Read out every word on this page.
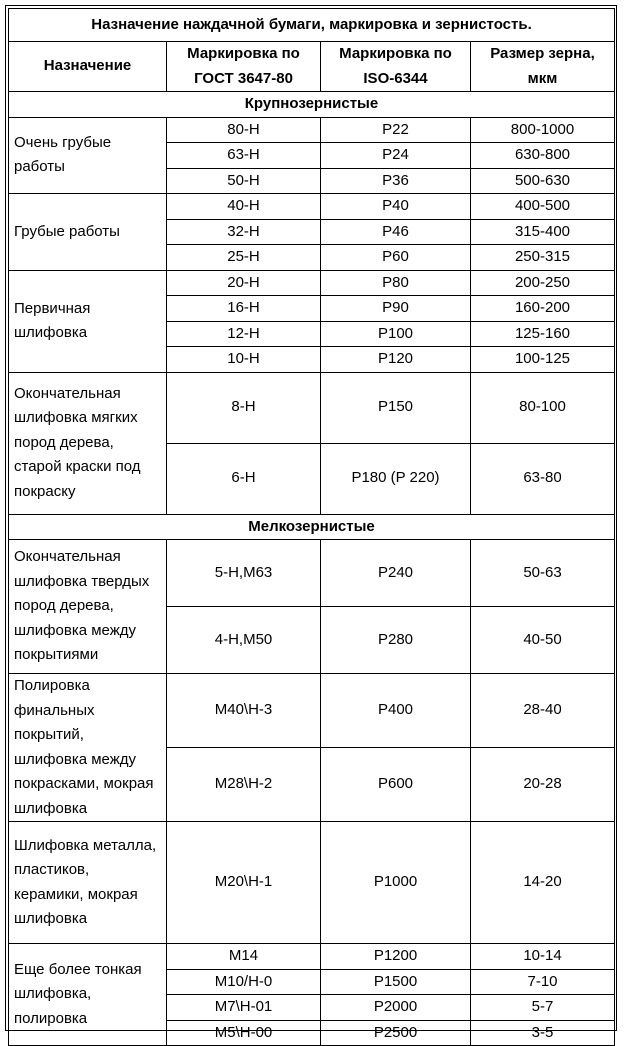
Назначение наждачной бумаги, маркировка и зернистость.			
Назначение	Маркировка по ГОСТ 3647-80	Маркировка по ISO-6344	Размер зерна, мкм
Крупнозернистые			
Очень грубые работы	80-Н	P22	800-1000
	63-Н	P24	630-800
	50-Н	P36	500-630
Грубые работы	40-Н	P40	400-500
	32-Н	P46	315-400
	25-Н	P60	250-315
Первичная шлифовка	20-Н	P80	200-250
	16-Н	P90	160-200
	12-Н	P100	125-160
	10-Н	P120	100-125
Окончательная шлифовка мягких пород дерева, старой краски под покраску	8-Н	P150	80-100
	6-Н	P180 (P 220)	63-80
Мелкозернистые			
Окончательная шлифовка твердых пород дерева, шлифовка между покрытиями	5-Н,М63	P240	50-63
	4-Н,М50	P280	40-50
Полировка финальных покрытий, шлифовка между покрасками, мокрая шлифовка	М40\Н-3	P400	28-40
	М28\Н-2	P600	20-28
Шлифовка металла, пластиков, керамики, мокрая шлифовка	М20\Н-1	P1000	14-20
Еще более тонкая шлифовка, полировка	М14	P1200	10-14
	М10/Н-0	P1500	7-10
	М7\Н-01	P2000	5-7
	М5\Н-00	P2500	3-5
